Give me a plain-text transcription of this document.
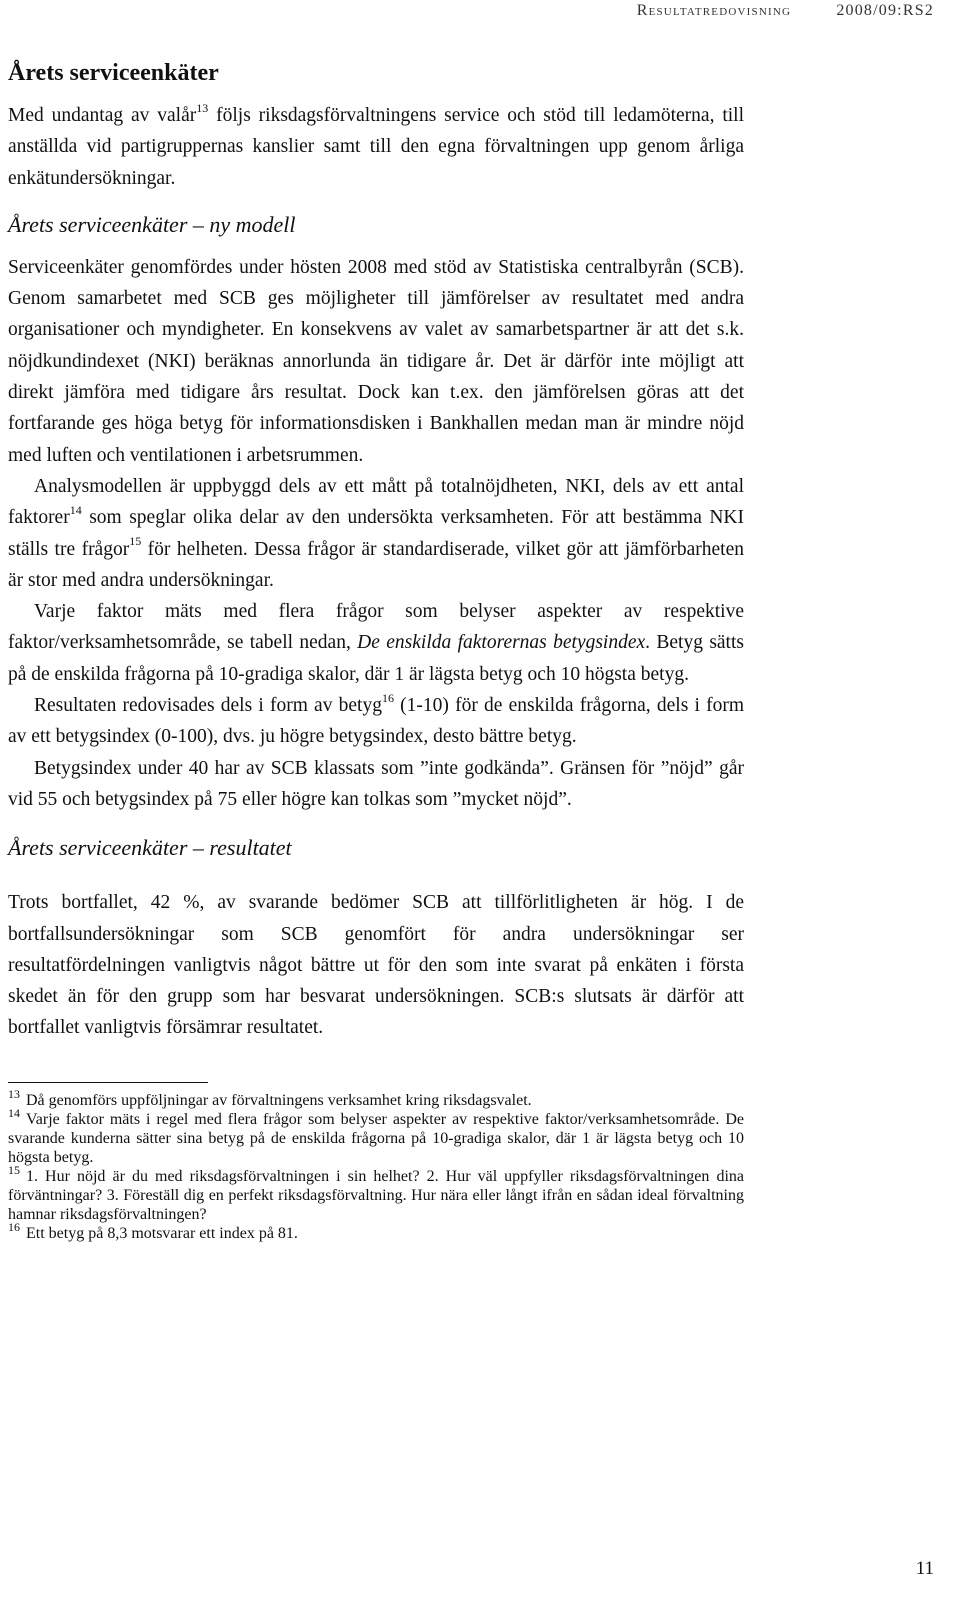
Resultatredovisning	2008/09:RS2
Årets serviceenkäter

Med undantag av valår$^{13}$ följs riksdagsförvaltningens service och stöd till ledamöterna, till anställda vid partigruppernas kanslier samt till den egna förvaltningen upp genom årliga enkätundersökningar.

Årets serviceenkäter – ny modell

Serviceenkäter genomfördes under hösten 2008 med stöd av Statistiska centralbyrån (SCB). Genom samarbetet med SCB ges möjligheter till jämförelser av resultatet med andra organisationer och myndigheter. En konsekvens av valet av samarbetspartner är att det s.k. nöjdkundindexet (NKI) beräknas annorlunda än tidigare år. Det är därför inte möjligt att direkt jämföra med tidigare års resultat. Dock kan t.ex. den jämförelsen göras att det fortfarande ges höga betyg för informationsdisken i Bankhallen medan man är mindre nöjd med luften och ventilationen i arbetsrummen.

Analysmodellen är uppbyggd dels av ett mått på totalnöjdheten, NKI, dels av ett antal faktorer$^{14}$ som speglar olika delar av den undersökta verksamheten. För att bestämma NKI ställs tre frågor$^{15}$ för helheten. Dessa frågor är standardiserade, vilket gör att jämförbarheten är stor med andra undersökningar.

Varje faktor mäts med flera frågor som belyser aspekter av respektive faktor/verksamhetsområde, se tabell nedan, De enskilda faktorernas betygsindex. Betyg sätts på de enskilda frågorna på 10-gradiga skalor, där 1 är lägsta betyg och 10 högsta betyg.

Resultaten redovisades dels i form av betyg$^{16}$ (1-10) för de enskilda frågorna, dels i form av ett betygsindex (0-100), dvs. ju högre betygsindex, desto bättre betyg.

Betygsindex under 40 har av SCB klassats som ”inte godkända”. Gränsen för ”nöjd” går vid 55 och betygsindex på 75 eller högre kan tolkas som ”mycket nöjd”.

Årets serviceenkäter – resultatet

Trots bortfallet, 42 %, av svarande bedömer SCB att tillförlitligheten är hög. I de bortfallsundersökningar som SCB genomfört för andra undersökningar ser resultatfördelningen vanligtvis något bättre ut för den som inte svarat på enkäten i första skedet än för den grupp som har besvarat undersökningen. SCB:s slutsats är därför att bortfallet vanligtvis försämrar resultatet.

$^{13}$ Då genomförs uppföljningar av förvaltningens verksamhet kring riksdagsvalet.

$^{14}$ Varje faktor mäts i regel med flera frågor som belyser aspekter av respektive faktor/verksamhetsområde. De svarande kunderna sätter sina betyg på de enskilda frågorna på 10-gradiga skalor, där 1 är lägsta betyg och 10 högsta betyg.

$^{15}$ 1. Hur nöjd är du med riksdagsförvaltningen i sin helhet? 2. Hur väl uppfyller riksdagsförvaltningen dina förväntningar? 3. Föreställ dig en perfekt riksdagsförvaltning. Hur nära eller långt ifrån en sådan ideal förvaltning hamnar riksdagsförvaltningen?

$^{16}$ Ett betyg på 8,3 motsvarar ett index på 81.

11
